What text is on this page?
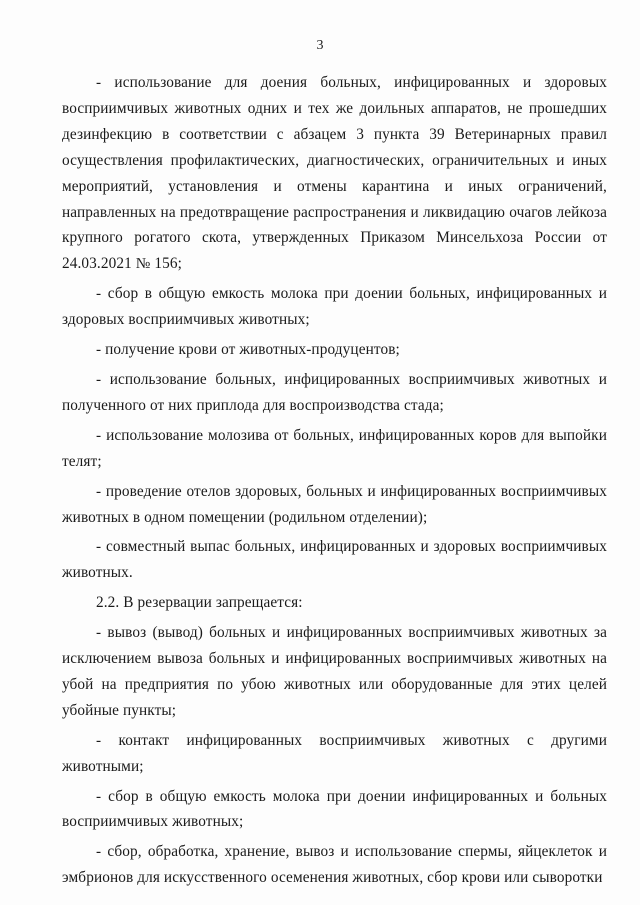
3

- использование для доения больных, инфицированных и здоровых восприимчивых животных одних и тех же доильных аппаратов, не прошедших дезинфекцию в соответствии с абзацем 3 пункта 39 Ветеринарных правил осуществления профилактических, диагностических, ограничительных и иных мероприятий, установления и отмены карантина и иных ограничений, направленных на предотвращение распространения и ликвидацию очагов лейкоза крупного рогатого скота, утвержденных Приказом Минсельхоза России от 24.03.2021 № 156;

- сбор в общую емкость молока при доении больных, инфицированных и здоровых восприимчивых животных;

- получение крови от животных-продуцентов;

- использование больных, инфицированных восприимчивых животных и полученного от них приплода для воспроизводства стада;

- использование молозива от больных, инфицированных коров для выпойки телят;

- проведение отелов здоровых, больных и инфицированных восприимчивых животных в одном помещении (родильном отделении);

- совместный выпас больных, инфицированных и здоровых восприимчивых животных.

2.2. В резервации запрещается:

- вывоз (вывод) больных и инфицированных восприимчивых животных за исключением вывоза больных и инфицированных восприимчивых животных на убой на предприятия по убою животных или оборудованные для этих целей убойные пункты;

- контакт инфицированных восприимчивых животных с другими животными;

- сбор в общую емкость молока при доении инфицированных и больных восприимчивых животных;

- сбор, обработка, хранение, вывоз и использование спермы, яйцеклеток и эмбрионов для искусственного осеменения животных, сбор крови или сыворотки
